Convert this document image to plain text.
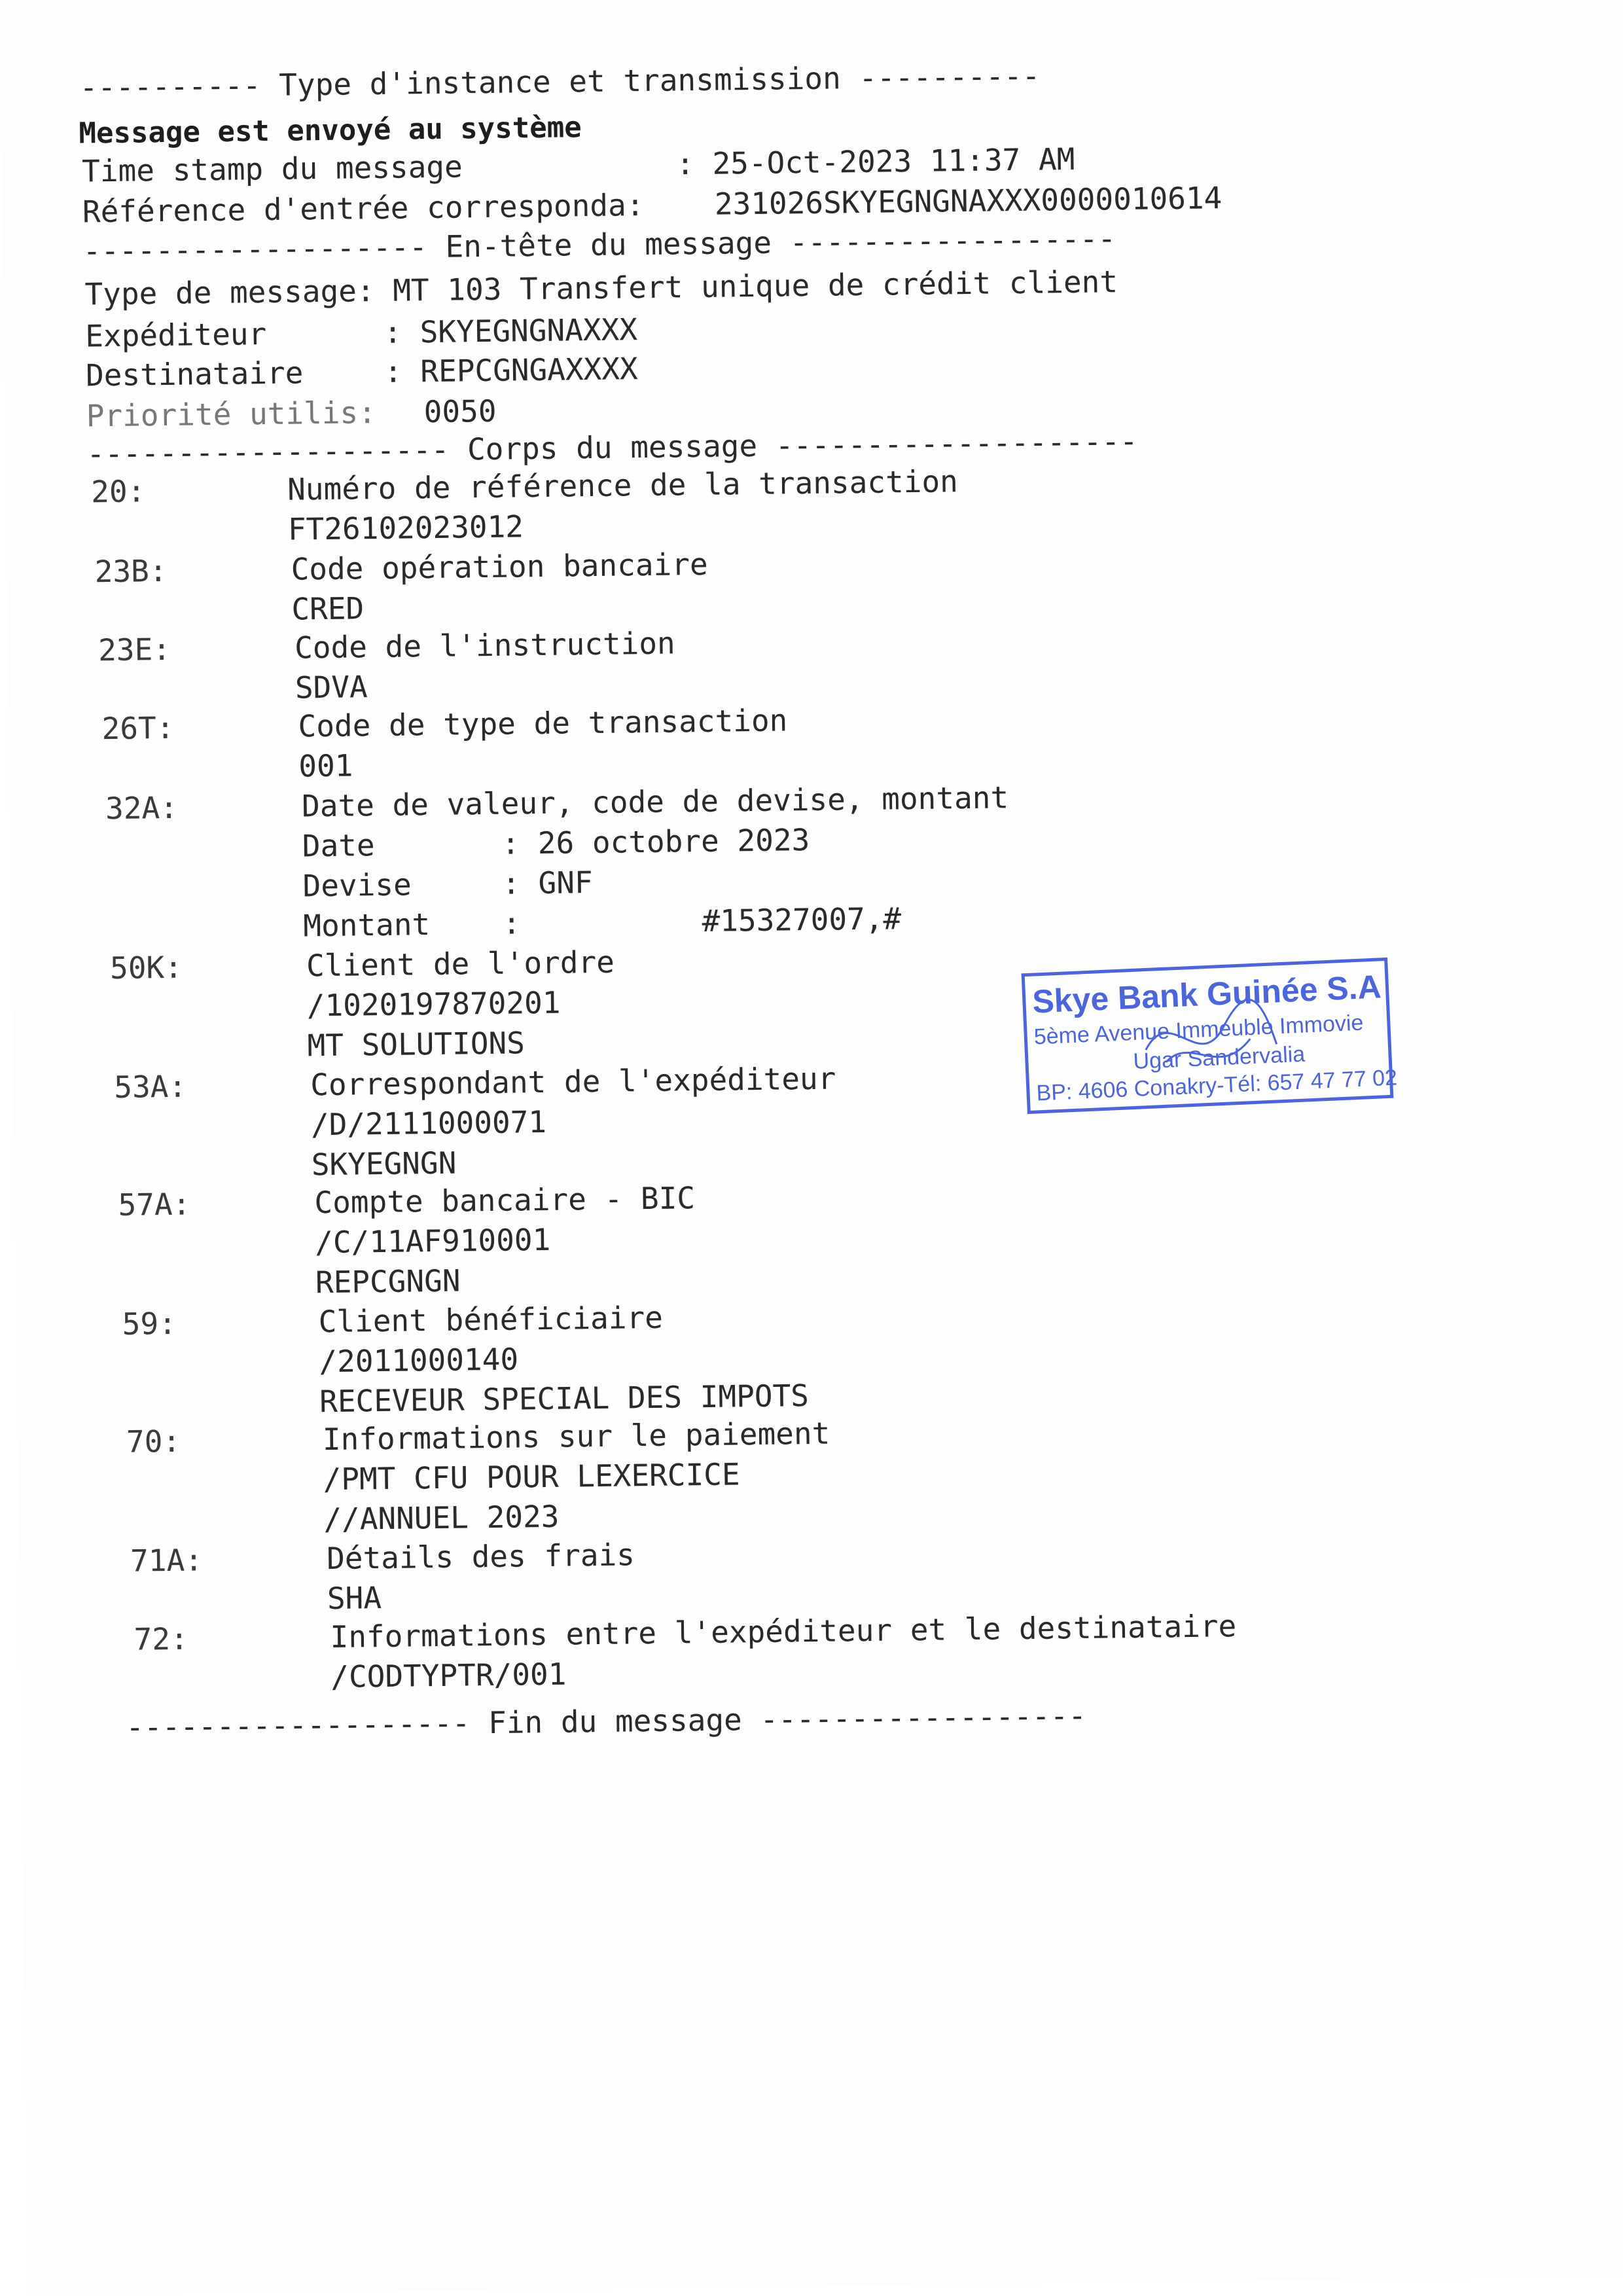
---------- Type d'instance et transmission ----------
Message est envoyé au système
Time stamp du message	: 25-Oct-2023 11:37 AM
Référence d'entrée corresponda: 231026SKYEGNGNAXXX0000010614
------------------- En-tête du message ------------------
Type de message: MT 103 Transfert unique de crédit client
Expéditeur	: SKYEGNGNAXXX
Destinataire	: REPCGNGAXXXX
Priorité utilis: 0050
-------------------- Corps du message --------------------
20:	Numéro de référence de la transaction
FT26102023012
23B:	Code opération bancaire
CRED
23E:	Code de l'instruction
SDVA
26T:	Code de type de transaction
001
32A:	Date de valeur, code de devise, montant
Date       : 26 octobre 2023
Devise     : GNF
Montant    :          #15327007,#
50K:	Client de l'ordre
/1020197870201
MT SOLUTIONS
53A:	Correspondant de l'expéditeur
/D/2111000071
SKYEGNGN
57A:	Compte bancaire - BIC
/C/11AF910001
REPCGNGN
59:	Client bénéficiaire
/2011000140
RECEVEUR SPECIAL DES IMPOTS
70:	Informations sur le paiement
/PMT CFU POUR LEXERCICE
//ANNUEL 2023
71A:	Détails des frais
SHA
72:	Informations entre l'expéditeur et le destinataire
/CODTYPTR/001
------------------- Fin du message ------------------
Skye Bank Guinée S.A
5ème Avenue Immeuble Immovie
Ugar Sandervalia
BP: 4606 Conakry-Tél: 657 47 77 02
